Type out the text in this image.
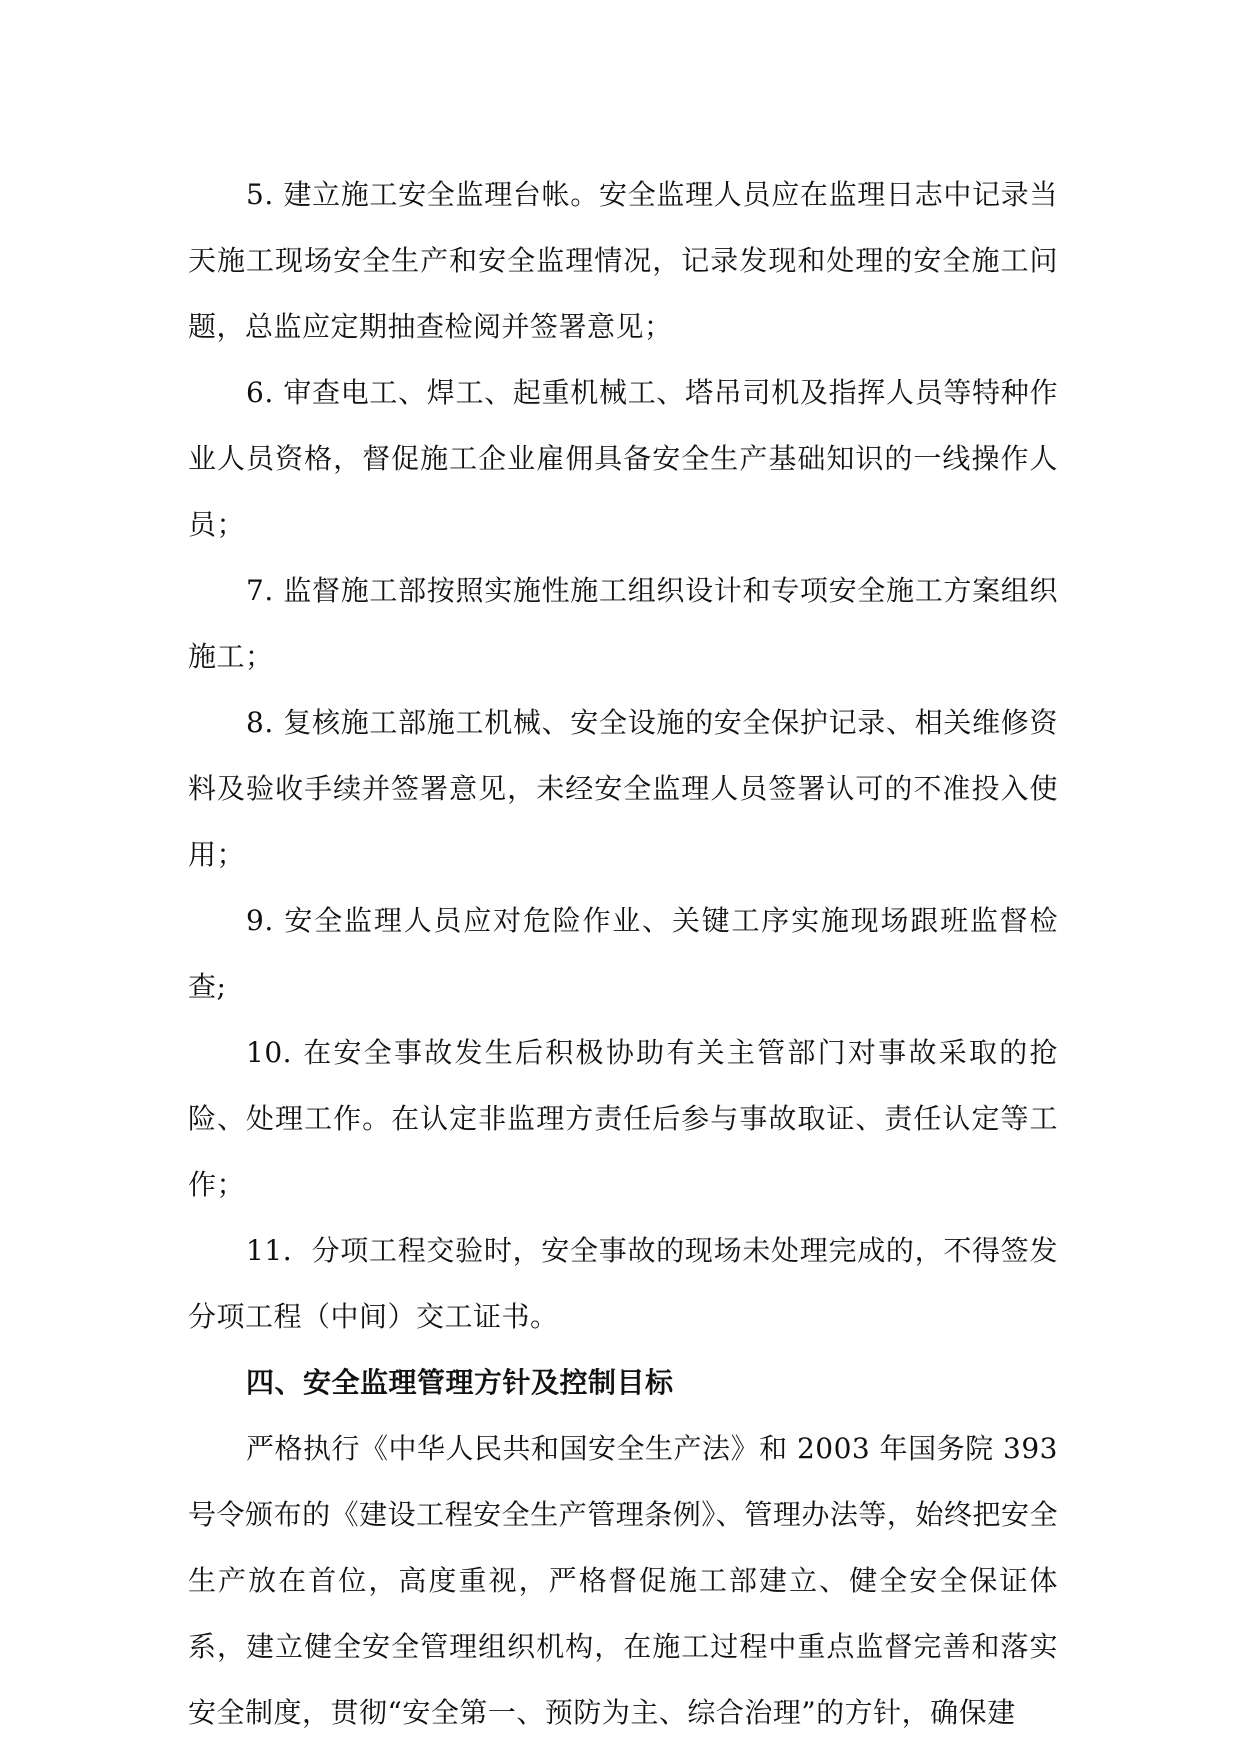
5. 建立施工安全监理台帐。安全监理人员应在监理日志中记录当天施工现场安全生产和安全监理情况，记录发现和处理的安全施工问题，总监应定期抽查检阅并签署意见；

6. 审查电工、焊工、起重机械工、塔吊司机及指挥人员等特种作业人员资格，督促施工企业雇佣具备安全生产基础知识的一线操作人员；

7. 监督施工部按照实施性施工组织设计和专项安全施工方案组织施工；

8. 复核施工部施工机械、安全设施的安全保护记录、相关维修资料及验收手续并签署意见，未经安全监理人员签署认可的不准投入使用；

9. 安全监理人员应对危险作业、关键工序实施现场跟班监督检查;

10. 在安全事故发生后积极协助有关主管部门对事故采取的抢险、处理工作。在认定非监理方责任后参与事故取证、责任认定等工作；

11．分项工程交验时，安全事故的现场未处理完成的，不得签发分项工程（中间）交工证书。

四、安全监理管理方针及控制目标

严格执行《中华人民共和国安全生产法》和 2003 年国务院 393 号令颁布的《建设工程安全生产管理条例》、管理办法等，始终把安全生产放在首位，高度重视，严格督促施工部建立、健全安全保证体系，建立健全安全管理组织机构，在施工过程中重点监督完善和落实安全制度，贯彻“安全第一、预防为主、综合治理”的方针，确保建
